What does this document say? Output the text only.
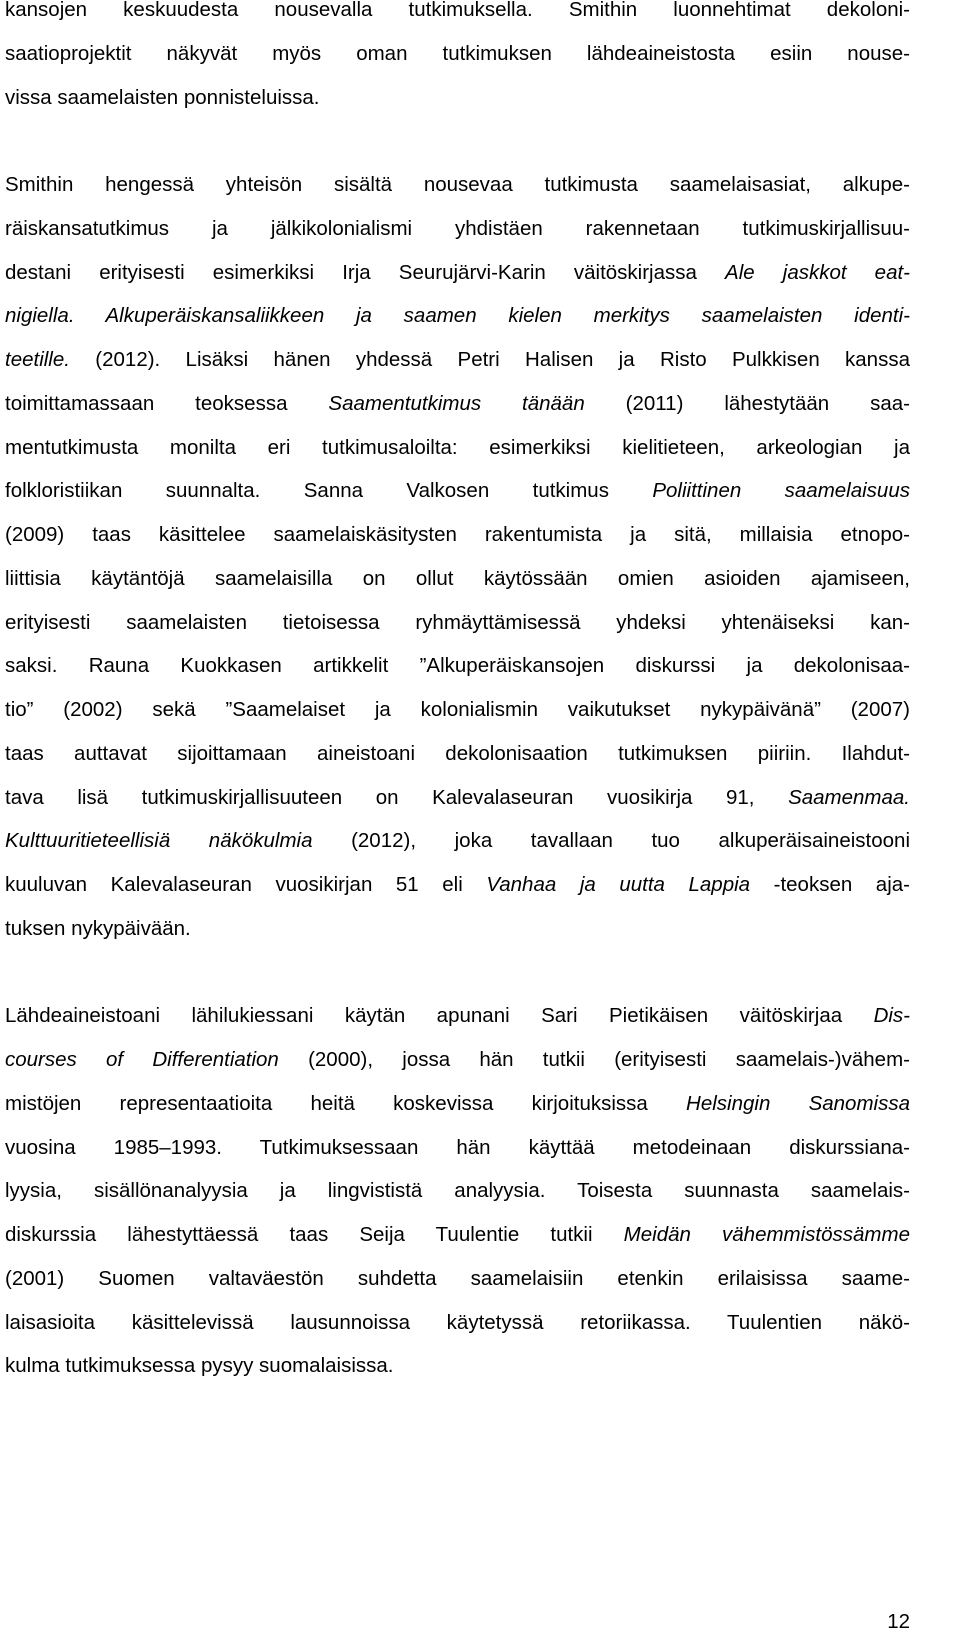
kansojen keskuudesta nousevalla tutkimuksella. Smithin luonnehtimat dekoloni-
saatioprojektit näkyvät myös oman tutkimuksen lähdeaineistosta esiin nouse-
vissa saamelaisten ponnisteluissa.
Smithin hengessä yhteisön sisältä nousevaa tutkimusta saamelaisasiat, alkupe-
räiskansatutkimus ja jälkikolonialismi yhdistäen rakennetaan tutkimuskirjallisuu-
destani erityisesti esimerkiksi Irja Seurujärvi-Karin väitöskirjassa Ale jaskkot eat-
nigiella. Alkuperäiskansaliikkeen ja saamen kielen merkitys saamelaisten identi-
teetille. (2012). Lisäksi hänen yhdessä Petri Halisen ja Risto Pulkkisen kanssa
toimittamassaan teoksessa Saamentutkimus tänään (2011) lähestytään saa-
mentutkimusta monilta eri tutkimusaloilta: esimerkiksi kielitieteen, arkeologian ja
folkloristiikan suunnalta. Sanna Valkosen tutkimus Poliittinen saamelaisuus
(2009) taas käsittelee saamelaiskäsitysten rakentumista ja sitä, millaisia etnopo-
liittisia käytäntöjä saamelaisilla on ollut käytössään omien asioiden ajamiseen,
erityisesti saamelaisten tietoisessa ryhmäyttämisessä yhdeksi yhtenäiseksi kan-
saksi. Rauna Kuokkasen artikkelit ”Alkuperäiskansojen diskurssi ja dekolonisaa-
tio” (2002) sekä ”Saamelaiset ja kolonialismin vaikutukset nykypäivänä” (2007)
taas auttavat sijoittamaan aineistoani dekolonisaation tutkimuksen piiriin. Ilahdut-
tava lisä tutkimuskirjallisuuteen on Kalevalaseuran vuosikirja 91, Saamenmaa.
Kulttuuritieteellisiä näkökulmia (2012), joka tavallaan tuo alkuperäisaineistooni
kuuluvan Kalevalaseuran vuosikirjan 51 eli Vanhaa ja uutta Lappia -teoksen aja-
tuksen nykypäivään.
Lähdeaineistoani lähilukiessani käytän apunani Sari Pietikäisen väitöskirjaa Dis-
courses of Differentiation (2000), jossa hän tutkii (erityisesti saamelais-)vähem-
mistöjen representaatioita heitä koskevissa kirjoituksissa Helsingin Sanomissa
vuosina 1985–1993. Tutkimuksessaan hän käyttää metodeinaan diskurssiana-
lyysia, sisällönanalyysia ja lingvististä analyysia. Toisesta suunnasta saamelais-
diskurssia lähestyttäessä taas Seija Tuulentie tutkii Meidän vähemmistössämme
(2001) Suomen valtaväestön suhdetta saamelaisiin etenkin erilaisissa saame-
laisasioita käsittelevissä lausunnoissa käytetyssä retoriikassa. Tuulentien näkö-
kulma tutkimuksessa pysyy suomalaisissa.
12
